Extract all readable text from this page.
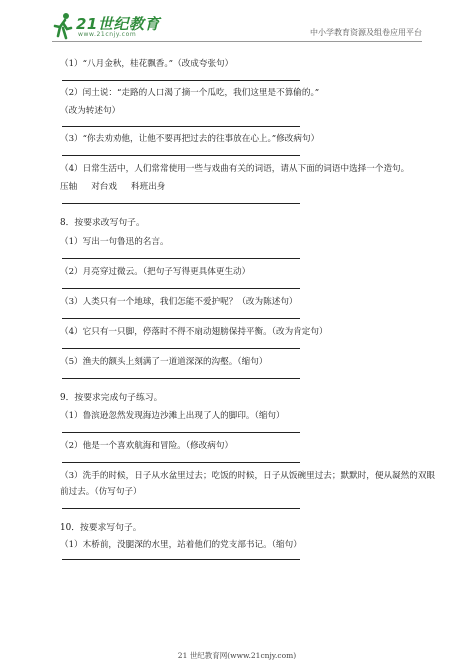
21世纪教育
www.21cnjy.com	中小学教育资源及组卷应用平台
（1）“八月金秋，桂花飘香。”（改成夸张句）
（2）闰土说：“走路的人口渴了摘一个瓜吃，我们这里是不算偷的。”
（改为转述句）
（3）“你去劝劝他，让他不要再把过去的往事放在心上。”修改病句）
（4）日常生活中，人们常常使用一些与戏曲有关的词语，请从下面的词语中选择一个造句。
压轴 对台戏 科班出身
8．按要求改写句子。
（1）写出一句鲁迅的名言。
（2）月亮穿过微云。（把句子写得更具体更生动）
（3）人类只有一个地球，我们怎能不爱护呢？（改为陈述句）
（4）它只有一只脚，停落时不得不扇动翅膀保持平衡。（改为肯定句）
（5）渔夫的额头上刻满了一道道深深的沟壑。（缩句）
9．按要求完成句子练习。
（1）鲁滨逊忽然发现海边沙滩上出现了人的脚印。（缩句）
（2）他是一个喜欢航海和冒险。（修改病句）
（3）洗手的时候，日子从水盆里过去；吃饭的时候，日子从饭碗里过去；默默时，便从凝然的双眼
前过去。（仿写句子）
10．按要求写句子。
（1）木桥前，没腿深的水里，站着他们的党支部书记。（缩句）
21 世纪教育网(www.21cnjy.com)
